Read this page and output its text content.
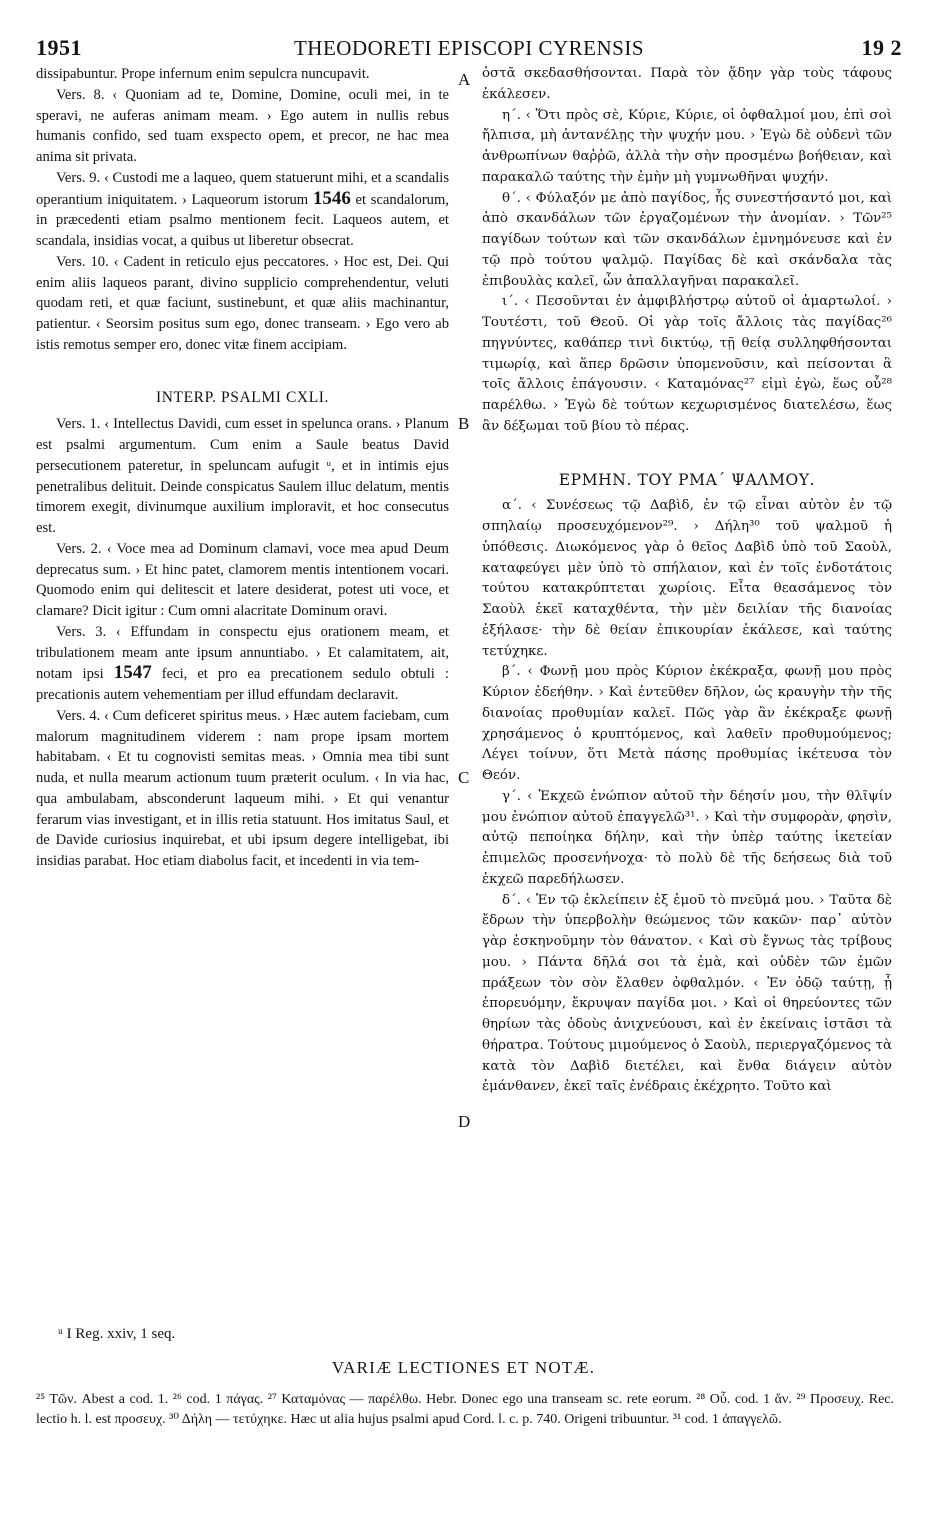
1951	THEODORETI EPISCOPI CYRENSIS	19 2
A
B
C
D

dissipabuntur. Prope infernum enim sepulcra nuncupavit.

Vers. 8. ‹ Quoniam ad te, Domine, Domine, oculi mei, in te speravi, ne auferas animam meam. › Ego autem in nullis rebus humanis confido, sed tuam exspecto opem, et precor, ne hac mea anima sit privata.

Vers. 9. ‹ Custodi me a laqueo, quem statuerunt mihi, et a scandalis operantium iniquitatem. › Laqueorum istorum 1546 et scandalorum, in præcedenti etiam psalmo mentionem fecit. Laqueos autem, et scandala, insidias vocat, a quibus ut liberetur obsecrat.

Vers. 10. ‹ Cadent in reticulo ejus peccatores. › Hoc est, Dei. Qui enim aliis laqueos parant, divino supplicio comprehendentur, veluti quodam reti, et quæ faciunt, sustinebunt, et quæ aliis machinantur, patientur. ‹ Seorsim positus sum ego, donec transeam. › Ego vero ab istis remotus semper ero, donec vitæ finem accipiam.

INTERP. PSALMI CXLI.

Vers. 1. ‹ Intellectus Davidi, cum esset in spelunca orans. › Planum est psalmi argumentum. Cum enim a Saule beatus David persecutionem pateretur, in speluncam aufugit ᵘ, et in intimis ejus penetralibus delituit. Deinde conspicatus Saulem illuc delatum, mentis timorem exegit, divinumque auxilium imploravit, et hoc consecutus est.

Vers. 2. ‹ Voce mea ad Dominum clamavi, voce mea apud Deum deprecatus sum. › Et hinc patet, clamorem mentis intentionem vocari. Quomodo enim qui delitescit et latere desiderat, potest uti voce, et clamare? Dicit igitur : Cum omni alacritate Dominum oravi.

Vers. 3. ‹ Effundam in conspectu ejus orationem meam, et tribulationem meam ante ipsum annuntiabo. › Et calamitatem, ait, notam ipsi 1547 feci, et pro ea precationem sedulo obtuli : precationis autem vehementiam per illud effundam declaravit.

Vers. 4. ‹ Cum deficeret spiritus meus. › Hæc autem faciebam, cum malorum magnitudinem viderem : nam prope ipsam mortem habitabam. ‹ Et tu cognovisti semitas meas. › Omnia mea tibi sunt nuda, et nulla mearum actionum tuum præterit oculum. ‹ In via hac, qua ambulabam, absconderunt laqueum mihi. › Et qui venantur ferarum vias investigant, et in illis retia statuunt. Hos imitatus Saul, et de Davide curiosius inquirebat, et ubi ipsum degere intelligebat, ibi insidias parabat. Hoc etiam diabolus facit, et incedenti in via tem-

ὀστᾶ σκεδασθήσονται. Παρὰ τὸν ᾅδην γὰρ τοὺς τάφους ἐκάλεσεν.

η΄. ‹ Ὅτι πρὸς σὲ, Κύριε, Κύριε, οἱ ὀφθαλμοί μου, ἐπὶ σοὶ ἤλπισα, μὴ ἀντανέλῃς τὴν ψυχήν μου. › Ἐγὼ δὲ οὐδενὶ τῶν ἀνθρωπίνων θαῤῥῶ, ἀλλὰ τὴν σὴν προσμένω βοήθειαν, καὶ παρακαλῶ ταύτης τὴν ἐμὴν μὴ γυμνωθῆναι ψυχήν.

θ΄. ‹ Φύλαξόν με ἀπὸ παγίδος, ἧς συνεστήσαντό μοι, καὶ ἀπὸ σκανδάλων τῶν ἐργαζομένων τὴν ἀνομίαν. › Τῶν²⁵ παγίδων τούτων καὶ τῶν σκανδάλων ἐμνημόνευσε καὶ ἐν τῷ πρὸ τούτου ψαλμῷ. Παγίδας δὲ καὶ σκάνδαλα τὰς ἐπιβουλὰς καλεῖ, ὧν ἀπαλλαγῆναι παρακαλεῖ.

ι΄. ‹ Πεσοῦνται ἐν ἀμφιβλήστρῳ αὐτοῦ οἱ ἁμαρτωλοί. › Τουτέστι, τοῦ Θεοῦ. Οἱ γὰρ τοῖς ἄλλοις τὰς παγίδας²⁶ πηγνύντες, καθάπερ τινὶ δικτύῳ, τῇ θείᾳ συλληφθήσονται τιμωρίᾳ, καὶ ἅπερ δρῶσιν ὑπομενοῦσιν, καὶ πείσονται ἃ τοῖς ἄλλοις ἐπάγουσιν. ‹ Καταμόνας²⁷ εἰμὶ ἐγὼ, ἕως οὗ²⁸ παρέλθω. › Ἐγὼ δὲ τούτων κεχωρισμένος διατελέσω, ἕως ἂν δέξωμαι τοῦ βίου τὸ πέρας.

ΕΡΜΗΝ. ΤΟΥ ΡΜΑ΄ ΨΑΛΜΟΥ.

α΄. ‹ Συνέσεως τῷ Δαβὶδ, ἐν τῷ εἶναι αὐτὸν ἐν τῷ σπηλαίῳ προσευχόμενον²⁹. › Δήλη³⁰ τοῦ ψαλμοῦ ἡ ὑπόθεσις. Διωκόμενος γὰρ ὁ θεῖος Δαβὶδ ὑπὸ τοῦ Σαοὺλ, καταφεύγει μὲν ὑπὸ τὸ σπήλαιον, καὶ ἐν τοῖς ἐνδοτάτοις τούτου κατακρύπτεται χωρίοις. Εἶτα θεασάμενος τὸν Σαοὺλ ἐκεῖ καταχθέντα, τὴν μὲν δειλίαν τῆς διανοίας ἐξήλασε· τὴν δὲ θείαν ἐπικουρίαν ἐκάλεσε, καὶ ταύτης τετύχηκε.

β΄. ‹ Φωνῇ μου πρὸς Κύριον ἐκέκραξα, φωνῇ μου πρὸς Κύριον ἐδεήθην. › Καὶ ἐντεῦθεν δῆλον, ὡς κραυγὴν τὴν τῆς διανοίας προθυμίαν καλεῖ. Πῶς γὰρ ἂν ἐκέκραξε φωνῇ χρησάμενος ὁ κρυπτόμενος, καὶ λαθεῖν προθυμούμενος; Λέγει τοίνυν, ὅτι Μετὰ πάσης προθυμίας ἱκέτευσα τὸν Θεόν.

γ΄. ‹ Ἐκχεῶ ἐνώπιον αὐτοῦ τὴν δέησίν μου, τὴν θλῖψίν μου ἐνώπιον αὐτοῦ ἐπαγγελῶ³¹. › Καὶ τὴν συμφορὰν, φησὶν, αὐτῷ πεποίηκα δήλην, καὶ τὴν ὑπὲρ ταύτης ἱκετείαν ἐπιμελῶς προσενήνοχα· τὸ πολὺ δὲ τῆς δεήσεως διὰ τοῦ ἐκχεῶ παρεδήλωσεν.

δ΄. ‹ Ἐν τῷ ἐκλείπειν ἐξ ἐμοῦ τὸ πνεῦμά μου. › Ταῦτα δὲ ἔδρων τὴν ὑπερβολὴν θεώμενος τῶν κακῶν· παρ᾽ αὐτὸν γὰρ ἐσκηνοῦμην τὸν θάνατον. ‹ Καὶ σὺ ἔγνως τὰς τρίβους μου. › Πάντα δῆλά σοι τὰ ἐμὰ, καὶ οὐδὲν τῶν ἐμῶν πράξεων τὸν σὸν ἔλαθεν ὀφθαλμόν. ‹ Ἐν ὁδῷ ταύτῃ, ᾗ ἐπορευόμην, ἔκρυψαν παγίδα μοι. › Καὶ οἱ θηρεύοντες τῶν θηρίων τὰς ὁδοὺς ἀνιχνεύουσι, καὶ ἐν ἐκείναις ἱστᾶσι τὰ θήρατρα. Τούτους μιμούμενος ὁ Σαοὺλ, περιεργαζόμενος τὰ κατὰ τὸν Δαβὶδ διετέλει, καὶ ἔνθα διάγειν αὐτὸν ἐμάνθανεν, ἐκεῖ ταῖς ἐνέδραις ἐκέχρητο. Τοῦτο καὶ

ᵘ I Reg. xxiv, 1 seq.
VARIÆ LECTIONES ET NOTÆ.

²⁵ Τῶν. Abest a cod. 1. ²⁶ cod. 1 πάγας. ²⁷ Καταμόνας — παρέλθω. Hebr. Donec ego una transeam sc. rete eorum. ²⁸ Οὗ. cod. 1 ἄν. ²⁹ Προσευχ. Rec. lectio h. l. est προσευχ. ³⁰ Δήλη — τετύχηκε. Hæc ut alia hujus psalmi apud Cord. l. c. p. 740. Origeni tribuuntur. ³¹ cod. 1 ἀπαγγελῶ.
